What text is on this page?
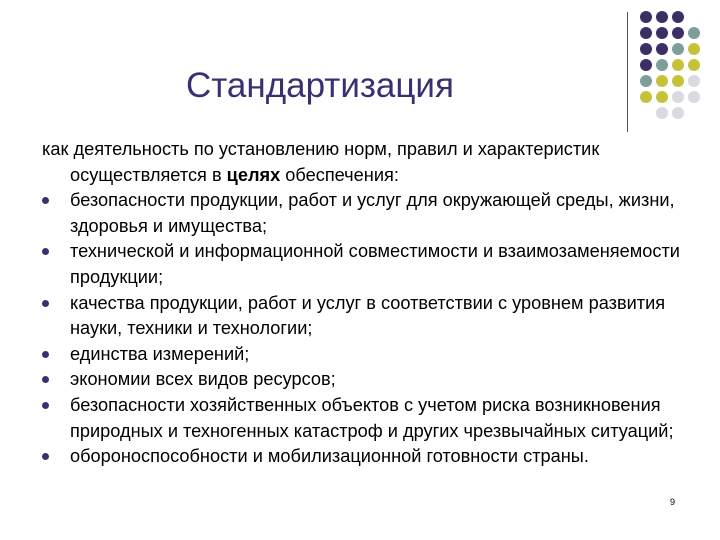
Стандартизация

как деятельность по установлению норм, правил и характеристик осуществляется в целях обеспечения:

безопасности продукции, работ и услуг для окружающей среды, жизни, здоровья и имущества;
технической и информационной совместимости и взаимозаменяемости продукции;
качества продукции, работ и услуг в соответствии с уровнем развития науки, техники и технологии;
единства измерений;
экономии всех видов ресурсов;
безопасности хозяйственных объектов с учетом риска возникновения природных и техногенных катастроф и других чрезвычайных ситуаций;
обороноспособности и мобилизационной готовности страны.
9
